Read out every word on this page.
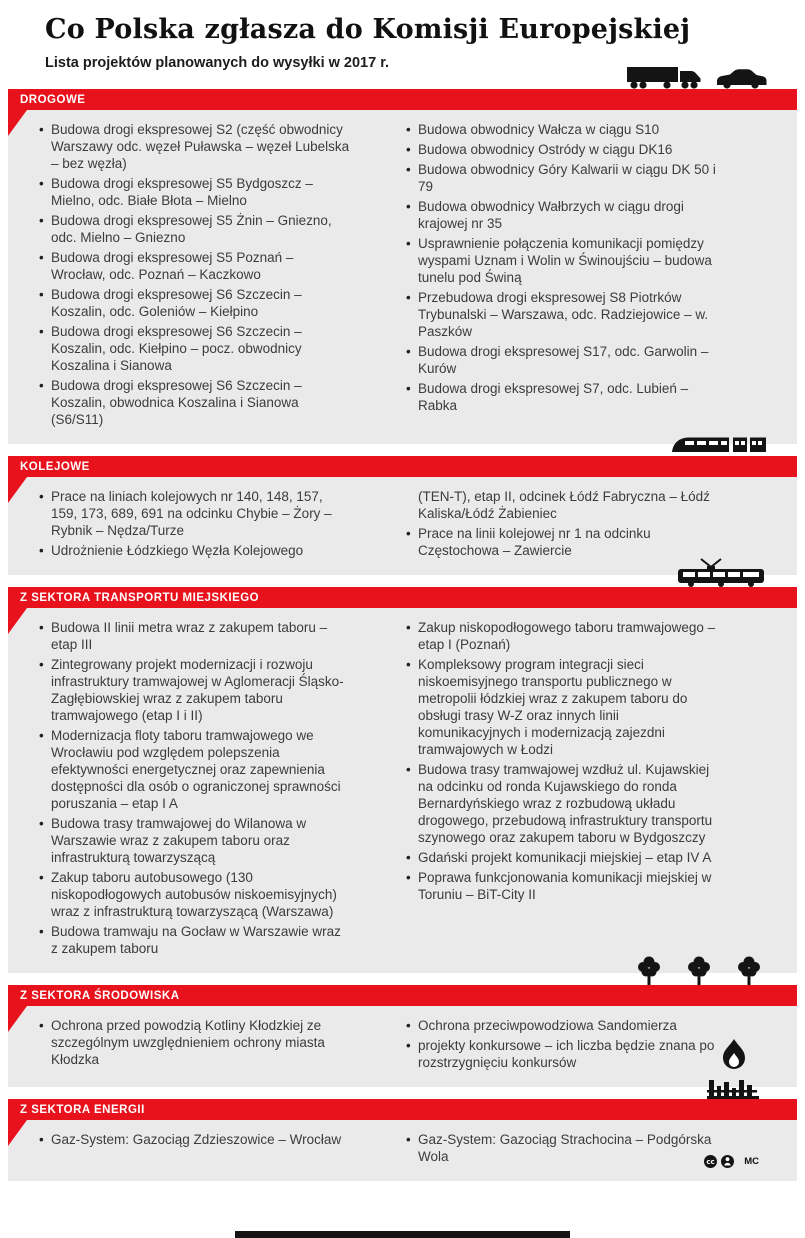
Co Polska zgłasza do Komisji Europejskiej
Lista projektów planowanych do wysyłki w 2017 r.
DROGOWE
• Budowa drogi ekspresowej S2 (część obwodnicy Warszawy odc. węzeł Puławska – węzeł Lubelska – bez węzła)
• Budowa drogi ekspresowej S5 Bydgoszcz – Mielno, odc. Białe Błota – Mielno
• Budowa drogi ekspresowej S5 Żnin – Gniezno, odc. Mielno – Gniezno
• Budowa drogi ekspresowej S5 Poznań – Wrocław, odc. Poznań – Kaczkowo
• Budowa drogi ekspresowej S6 Szczecin – Koszalin, odc. Goleniów – Kiełpino
• Budowa drogi ekspresowej S6 Szczecin – Koszalin, odc. Kiełpino – pocz. obwodnicy Koszalina i Sianowa
• Budowa drogi ekspresowej S6 Szczecin – Koszalin, obwodnica Koszalina i Sianowa (S6/S11)
• Budowa obwodnicy Wałcza w ciągu S10
• Budowa obwodnicy Ostródy w ciągu DK16
• Budowa obwodnicy Góry Kalwarii w ciągu DK 50 i 79
• Budowa obwodnicy Wałbrzych w ciągu drogi krajowej nr 35
• Usprawnienie połączenia komunikacji pomiędzy wyspami Uznam i Wolin w Świnoujściu – budowa tunelu pod Świną
• Przebudowa drogi ekspresowej S8 Piotrków Trybunalski – Warszawa, odc. Radziejowice – w. Paszków
• Budowa drogi ekspresowej S17, odc. Garwolin – Kurów
• Budowa drogi ekspresowej S7, odc. Lubień – Rabka
KOLEJOWE
• Prace na liniach kolejowych nr 140, 148, 157, 159, 173, 689, 691 na odcinku Chybie – Żory – Rybnik – Nędza/Turze
• Udrożnienie Łódzkiego Węzła Kolejowego
(TEN-T), etap II, odcinek Łódź Fabryczna – Łódź Kaliska/Łódź Żabieniec
• Prace na linii kolejowej nr 1 na odcinku Częstochowa – Zawiercie
Z SEKTORA TRANSPORTU MIEJSKIEGO
• Budowa II linii metra wraz z zakupem taboru – etap III
• Zintegrowany projekt modernizacji i rozwoju infrastruktury tramwajowej w Aglomeracji Śląsko-Zagłębiowskiej wraz z zakupem taboru tramwajowego (etap I i II)
• Modernizacja floty taboru tramwajowego we Wrocławiu pod względem polepszenia efektywności energetycznej oraz zapewnienia dostępności dla osób o ograniczonej sprawności poruszania – etap I A
• Budowa trasy tramwajowej do Wilanowa w Warszawie wraz z zakupem taboru oraz infrastrukturą towarzyszącą
• Zakup taboru autobusowego (130 niskopodłogowych autobusów niskoemisyjnych) wraz z infrastrukturą towarzyszącą (Warszawa)
• Budowa tramwaju na Gocław w Warszawie wraz z zakupem taboru
• Zakup niskopodłogowego taboru tramwajowego – etap I (Poznań)
• Kompleksowy program integracji sieci niskoemisyjnego transportu publicznego w metropolii łódzkiej wraz z zakupem taboru do obsługi trasy W-Z oraz innych linii komunikacyjnych i modernizacją zajezdni tramwajowych w Łodzi
• Budowa trasy tramwajowej wzdłuż ul. Kujawskiej na odcinku od ronda Kujawskiego do ronda Bernardyńskiego wraz z rozbudową układu drogowego, przebudową infrastruktury transportu szynowego oraz zakupem taboru w Bydgoszczy
• Gdański projekt komunikacji miejskiej – etap IV A
• Poprawa funkcjonowania komunikacji miejskiej w Toruniu – BiT-City II
Z SEKTORA ŚRODOWISKA
• Ochrona przed powodzią Kotliny Kłodzkiej ze szczególnym uwzględnieniem ochrony miasta Kłodzka
• Ochrona przeciwpowodziowa Sandomierza
• projekty konkursowe – ich liczba będzie znana po rozstrzygnięciu konkursów
Z SEKTORA ENERGII
• Gaz-System: Gazociąg Zdzieszowice – Wrocław	• Gaz-System: Gazociąg Strachocina – Podgórska Wola	cc	MC
